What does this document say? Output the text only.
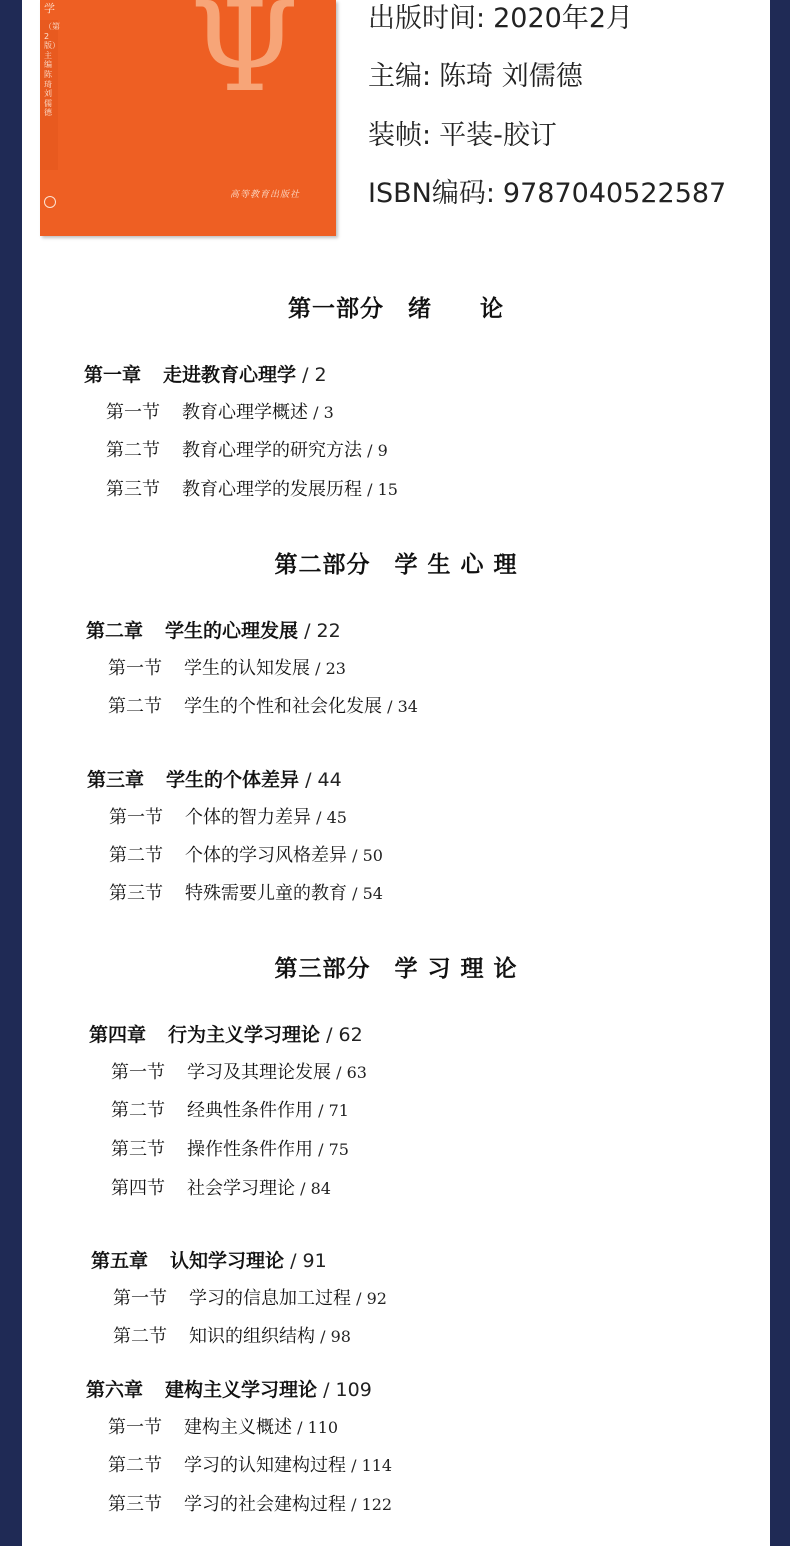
学
（第2版）主编 陈琦 刘儒德 Ψ
高等教育出版社
出版时间: 2020年2月
主编: 陈琦 刘儒德
装帧: 平装-胶订
ISBN编码: 9787040522587
第一部分　绪　　论
第一章 走进教育心理学 / 2
第一节 教育心理学概述 / 3
第二节 教育心理学的研究方法 / 9
第三节 教育心理学的发展历程 / 15
第二部分　学 生 心 理
第二章 学生的心理发展 / 22
第一节 学生的认知发展 / 23
第二节 学生的个性和社会化发展 / 34
第三章 学生的个体差异 / 44
第一节 个体的智力差异 / 45
第二节 个体的学习风格差异 / 50
第三节 特殊需要儿童的教育 / 54
第三部分　学 习 理 论
第四章 行为主义学习理论 / 62
第一节 学习及其理论发展 / 63
第二节 经典性条件作用 / 71
第三节 操作性条件作用 / 75
第四节 社会学习理论 / 84
第五章 认知学习理论 / 91
第一节 学习的信息加工过程 / 92
第二节 知识的组织结构 / 98
第六章 建构主义学习理论 / 109
第一节 建构主义概述 / 110
第二节 学习的认知建构过程 / 114
第三节 学习的社会建构过程 / 122
